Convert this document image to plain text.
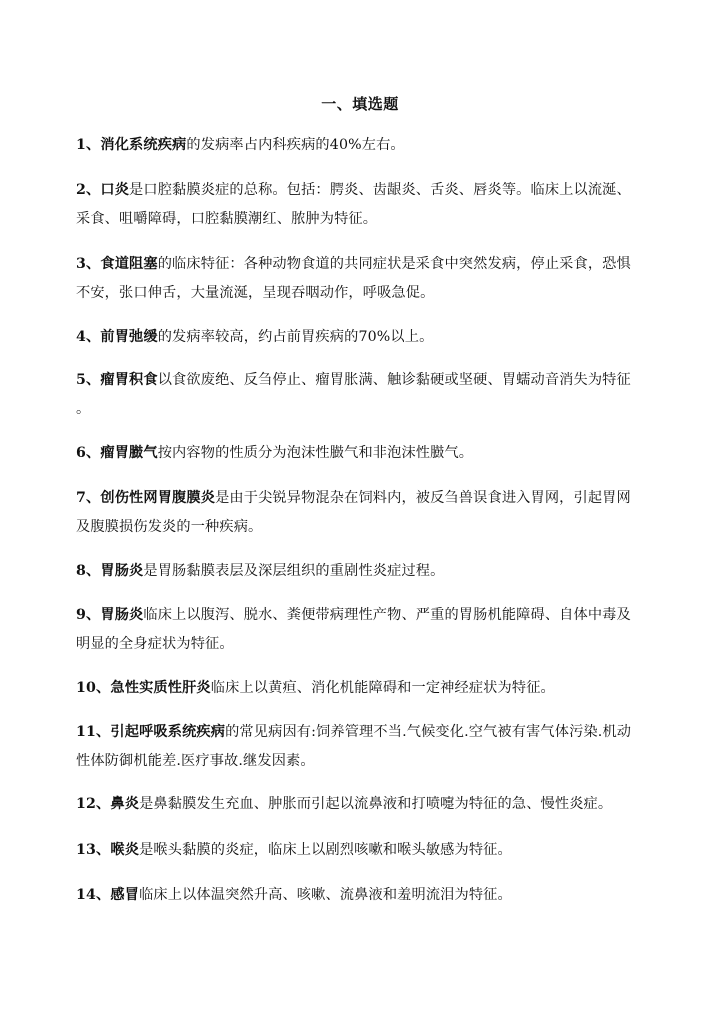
一、填选题
1、消化系统疾病的发病率占内科疾病的40%左右。
2、口炎是口腔黏膜炎症的总称。包括：腭炎、齿龈炎、舌炎、唇炎等。临床上以流涎、
采食、咀嚼障碍，口腔黏膜潮红、脓肿为特征。
3、食道阻塞的临床特征：各种动物食道的共同症状是采食中突然发病，停止采食，恐惧
不安，张口伸舌，大量流涎，呈现吞咽动作，呼吸急促。
4、前胃弛缓的发病率较高，约占前胃疾病的70%以上。
5、瘤胃积食以食欲废绝、反刍停止、瘤胃胀满、触诊黏硬或坚硬、胃蠕动音消失为特征
。
6、瘤胃臌气按内容物的性质分为泡沫性臌气和非泡沫性臌气。
7、创伤性网胃腹膜炎是由于尖锐异物混杂在饲料内，被反刍兽误食进入胃网，引起胃网
及腹膜损伤发炎的一种疾病。
8、胃肠炎是胃肠黏膜表层及深层组织的重剧性炎症过程。
9、胃肠炎临床上以腹泻、脱水、粪便带病理性产物、严重的胃肠机能障碍、自体中毒及
明显的全身症状为特征。
10、急性实质性肝炎临床上以黄疸、消化机能障碍和一定神经症状为特征。
11、引起呼吸系统疾病的常见病因有:饲养管理不当.气候变化.空气被有害气体污染.机动
性体防御机能差.医疗事故.继发因素。
12、鼻炎是鼻黏膜发生充血、肿胀而引起以流鼻液和打喷嚏为特征的急、慢性炎症。
13、喉炎是喉头黏膜的炎症，临床上以剧烈咳嗽和喉头敏感为特征。
14、感冒临床上以体温突然升高、咳嗽、流鼻液和羞明流泪为特征。
